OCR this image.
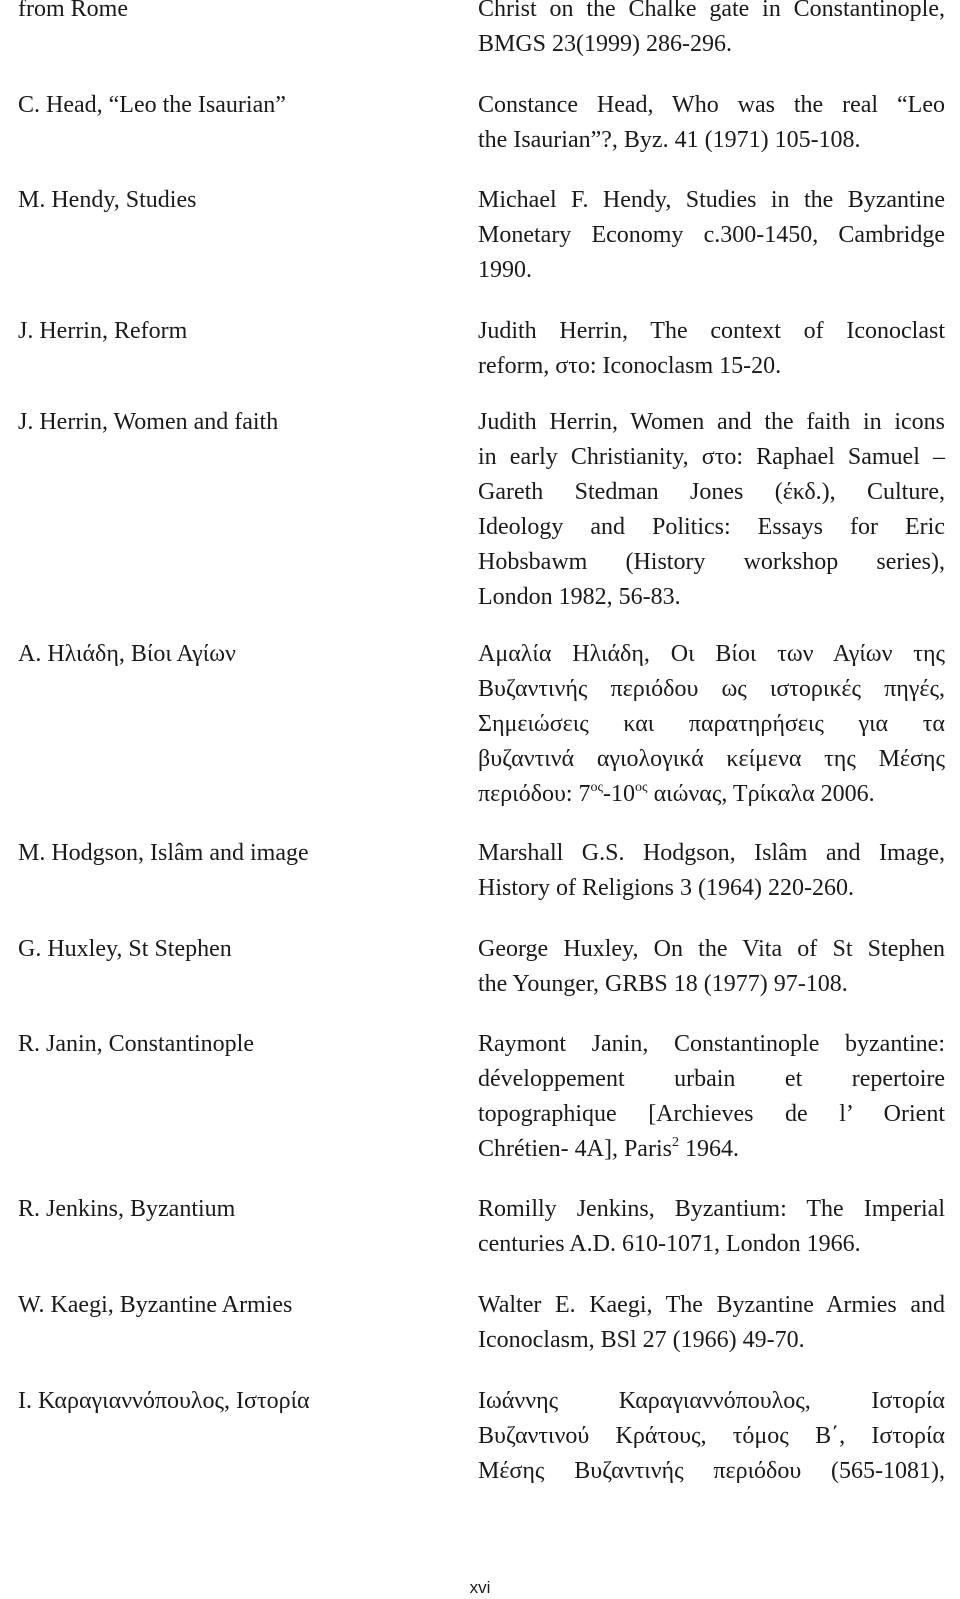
from Rome	Christ on the Chalke gate in Constantinople,
BMGS 23(1999) 286-296.
C. Head, “Leo the Isaurian”	Constance Head, Who was the real “Leo
the Isaurian”?, Byz. 41 (1971) 105-108.
M. Hendy, Studies	Michael F. Hendy, Studies in the Byzantine
Monetary Economy c.300-1450, Cambridge
1990.
J. Herrin, Reform	Judith Herrin, The context of Iconoclast
reform, στο: Iconoclasm 15-20.
J. Herrin, Women and faith	Judith Herrin, Women and the faith in icons
in early Christianity, στο: Raphael Samuel –
Gareth Stedman Jones (έκδ.), Culture,
Ideology and Politics: Essays for Eric
Hobsbawm (History workshop series),
London 1982, 56-83.
Α. Ηλιάδη, Βίοι Αγίων	Αμαλία Ηλιάδη, Οι Βίοι των Αγίων της
Βυζαντινής περιόδου ως ιστορικές πηγές,
Σημειώσεις και παρατηρήσεις για τα
βυζαντινά αγιολογικά κείμενα της Μέσης
περιόδου: $7^{o\varsigma}-10^{o\varsigma}$ αιώνας, Τρίκαλα 2006.
M. Hodgson, Islâm and image	Marshall G.S. Hodgson, Islâm and Image,
History of Religions 3 (1964) 220-260.
G. Huxley, St Stephen	George Huxley, On the Vita of St Stephen
the Younger, GRBS 18 (1977) 97-108.
R. Janin, Constantinople	Raymont Janin, Constantinople byzantine:
développement urbain et repertoire
topographique [Archieves de l’ Orient
Chrétien- 4A], Paris$^2$ 1964.
R. Jenkins, Byzantium	Romilly Jenkins, Byzantium: The Imperial
centuries A.D. 610-1071, London 1966.
W. Kaegi, Byzantine Armies	Walter E. Kaegi, The Byzantine Armies and
Iconoclasm, BSl 27 (1966) 49-70.
Ι. Καραγιαννόπουλος, Ιστορία	Ιωάννης Καραγιαννόπουλος, Ιστορία
Βυζαντινού Κράτους, τόμος Β΄, Ιστορία
Μέσης Βυζαντινής περιόδου (565-1081),
xvi
